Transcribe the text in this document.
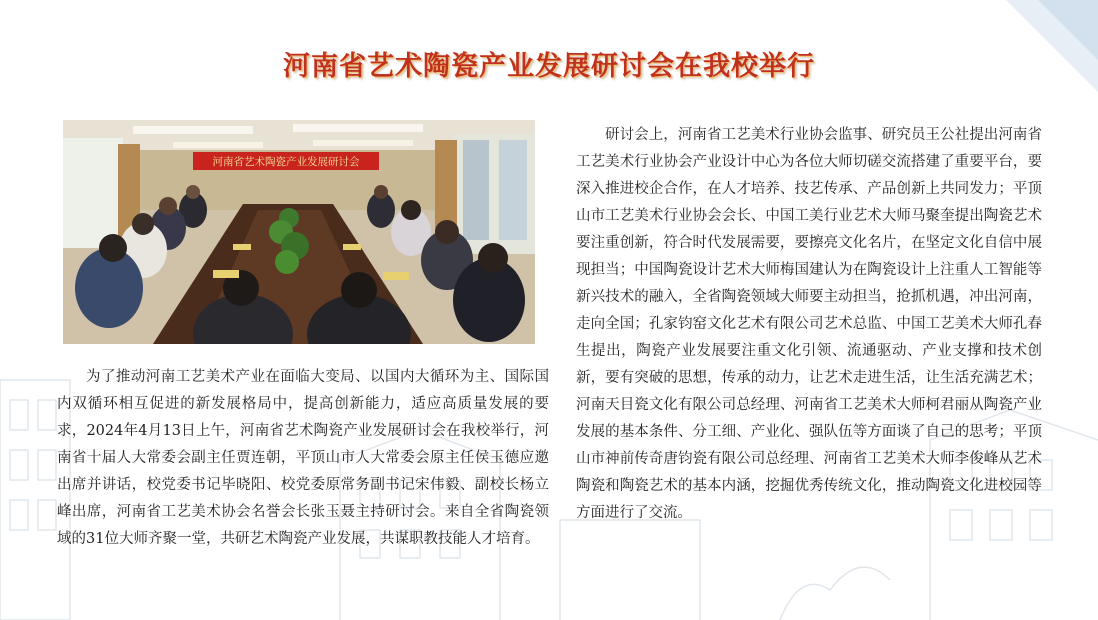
河南省艺术陶瓷产业发展研讨会在我校举行
河南省艺术陶瓷产业发展研讨会

为了推动河南工艺美术产业在面临大变局、以国内大循环为主、国际国内双循环相互促进的新发展格局中，提高创新能力，适应高质量发展的要求，2024年4月13日上午，河南省艺术陶瓷产业发展研讨会在我校举行，河南省十届人大常委会副主任贾连朝，平顶山市人大常委会原主任侯玉德应邀出席并讲话，校党委书记毕晓阳、校党委原常务副书记宋伟毅、副校长杨立峰出席，河南省工艺美术协会名誉会长张玉聂主持研讨会。来自全省陶瓷领域的31位大师齐聚一堂，共研艺术陶瓷产业发展，共谋职教技能人才培育。

研讨会上，河南省工艺美术行业协会监事、研究员王公社提出河南省工艺美术行业协会产业设计中心为各位大师切磋交流搭建了重要平台，要深入推进校企合作，在人才培养、技艺传承、产品创新上共同发力；平顶山市工艺美术行业协会会长、中国工美行业艺术大师马聚奎提出陶瓷艺术要注重创新，符合时代发展需要，要擦亮文化名片，在坚定文化自信中展现担当；中国陶瓷设计艺术大师梅国建认为在陶瓷设计上注重人工智能等新兴技术的融入，全省陶瓷领域大师要主动担当，抢抓机遇，冲出河南，走向全国；孔家钧窑文化艺术有限公司艺术总监、中国工艺美术大师孔春生提出，陶瓷产业发展要注重文化引领、流通驱动、产业支撑和技术创新，要有突破的思想，传承的动力，让艺术走进生活，让生活充满艺术；河南天目瓷文化有限公司总经理、河南省工艺美术大师柯君丽从陶瓷产业发展的基本条件、分工细、产业化、强队伍等方面谈了自己的思考；平顶山市神前传奇唐钧瓷有限公司总经理、河南省工艺美术大师李俊峰从艺术陶瓷和陶瓷艺术的基本内涵，挖掘优秀传统文化，推动陶瓷文化进校园等方面进行了交流。
